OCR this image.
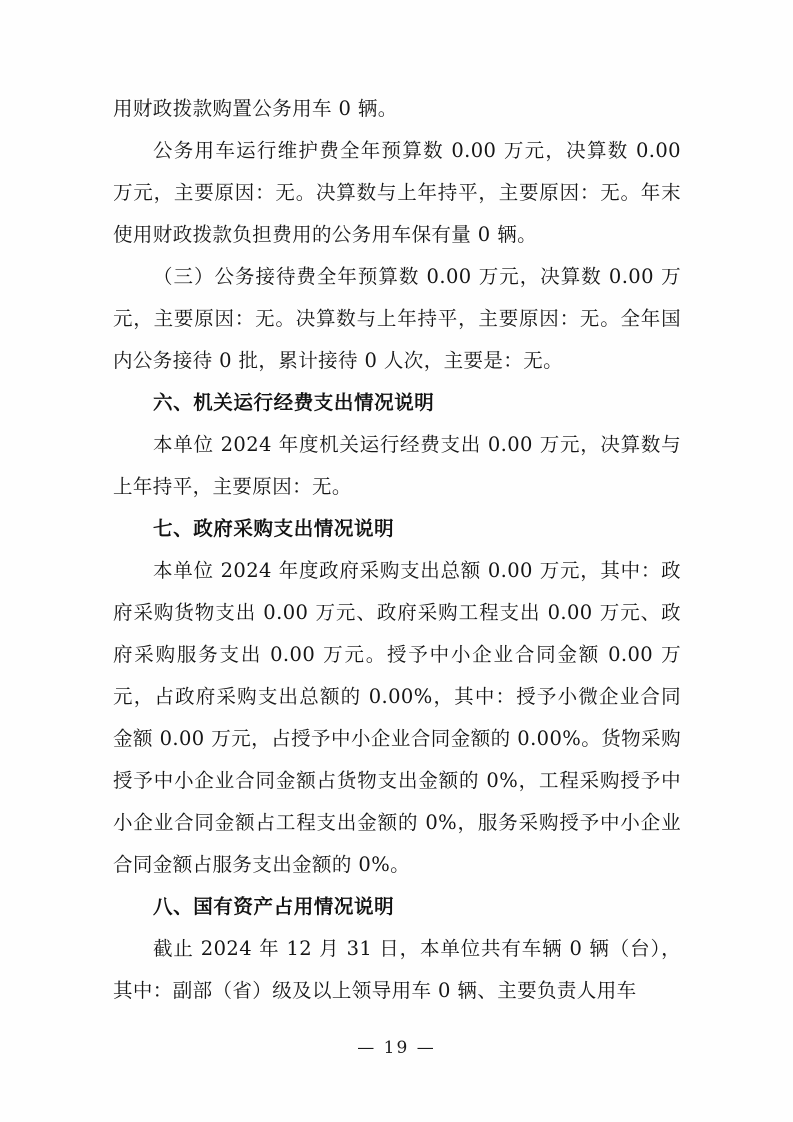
用财政拨款购置公务用车 0 辆。

公务用车运行维护费全年预算数 0.00 万元，决算数 0.00 万元，主要原因：无。决算数与上年持平，主要原因：无。年末使用财政拨款负担费用的公务用车保有量 0 辆。

（三）公务接待费全年预算数 0.00 万元，决算数 0.00 万元，主要原因：无。决算数与上年持平，主要原因：无。全年国内公务接待 0 批，累计接待 0 人次，主要是：无。

六、机关运行经费支出情况说明

本单位 2024 年度机关运行经费支出 0.00 万元，决算数与上年持平，主要原因：无。

七、政府采购支出情况说明

本单位 2024 年度政府采购支出总额 0.00 万元，其中：政府采购货物支出 0.00 万元、政府采购工程支出 0.00 万元、政府采购服务支出 0.00 万元。授予中小企业合同金额 0.00 万元，占政府采购支出总额的 0.00%，其中：授予小微企业合同金额 0.00 万元，占授予中小企业合同金额的 0.00%。货物采购授予中小企业合同金额占货物支出金额的 0%，工程采购授予中小企业合同金额占工程支出金额的 0%，服务采购授予中小企业合同金额占服务支出金额的 0%。

八、国有资产占用情况说明

截止 2024 年 12 月 31 日，本单位共有车辆 0 辆（台），其中：副部（省）级及以上领导用车 0 辆、主要负责人用车

— 19 —
